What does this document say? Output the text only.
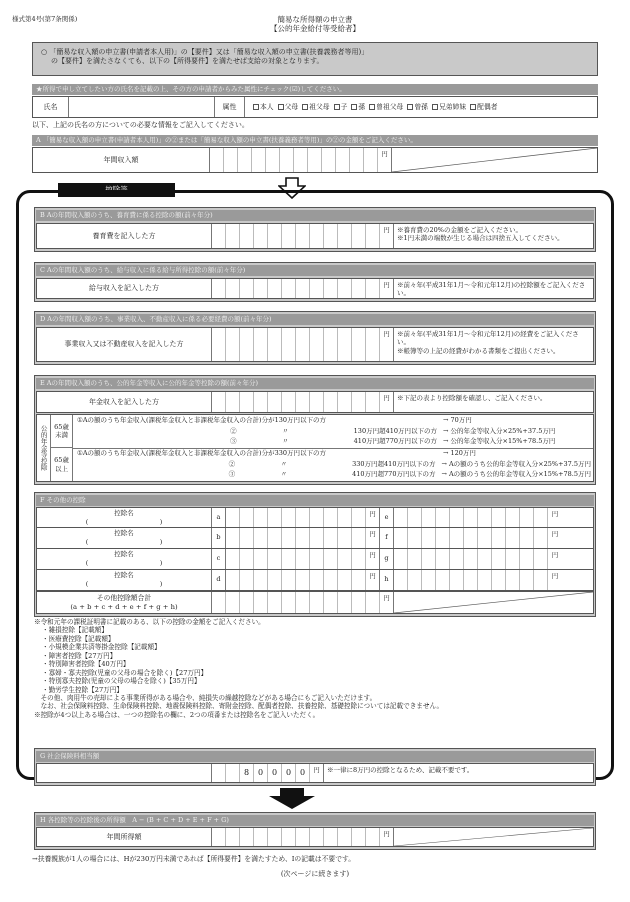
様式第4号(第7条関係)	簡易な所得額の申立書
【公的年金給付等受給者】
○ 「簡易な収入額の申立書(申請者本人用)」の【要件】又は「簡易な収入額の申立書(扶養義務者等用)」
の【要件】を満たさなくても、以下の【所得要件】を満たせば支給の対象となります。
★所得で申し立てしたい方の氏名を記載の上、その方の申請者からみた属性にチェック(☑)してください。
氏名	属性	本人	父母	祖父母	子	孫	曾祖父母	曾孫	兄弟姉妹	配偶者
以下、上記の氏名の方についての必要な情報をご記入してください。
A 「簡易な収入額の申立書(申請者本人用)」の②または「簡易な収入額の申立書(扶養義務者等用)」の②の金額をご記入ください。
年間収入額
円
控除等
B Aの年間収入額のうち、養育費に係る控除の額(前々年分)
養育費を記入した方
円	※養育費の20%の金額をご記入ください。
※1円未満の端数が生じる場合は四捨五入してください。
C Aの年間収入額のうち、給与収入に係る給与所得控除の額(前々年分)
給与収入を記入した方	円	※前々年(平成31年1月～令和元年12月)の控除額をご記入ください。
D Aの年間収入額のうち、事業収入、不動産収入に係る必要経費の額(前々年分)
事業収入又は不動産収入を記入した方
円	※前々年(平成31年1月～令和元年12月)の経費をご記入ください。
※帳簿等の上記の経費がわかる書類をご提出ください。
E Aの年間収入額のうち、公的年金等収入に公的年金等控除の額(前々年分)
年金収入を記入した方	円	※下記の表より控除額を確認し、ご記入ください。
公的年金等控除	65歳未満
65歳以上
①Aの額のうち年金収入(課税年金収入と非課税年金収入の合計)分が130万円以下の方	→ 70万円
②　　　　　　　〃　　　　　　　　　　130万円超410万円以下の方 → 公的年金等収入分×25%+37.5万円
③　　　　　　　〃　　　　　　　　　　410万円超770万円以下の方 → 公的年金等収入分×15%+78.5万円
①Aの額のうち年金収入(課税年金収入と非課税年金収入の合計)分が330万円以下の方	→ 120万円
②　　　　　　　〃　　　　　　　　　　330万円超410万円以下の方 → Aの額のうち公的年金等収入分×25%+37.5万円
③　　　　　　　〃　　　　　　　　　　410万円超770万円以下の方 → Aの額のうち公的年金等収入分×15%+78.5万円
F その他の控除
控除名
(　　　　　　　　　　　)
a	円	e	円
控除名
(　　　　　　　　　　　)
b	円	f	円
控除名
(　　　　　　　　　　　)
c	円	g	円
控除名
(　　　　　　　　　　　)
d	円	h	円
その他控除額合計
(a + b + c + d + e + f + g + h)
円
※令和元年の課税証明書に記載のある、以下の控除の金額をご記入ください。
・雑損控除【記載額】
・医療費控除【記載額】
・小規模企業共済等掛金控除【記載額】
・障害者控除【27万円】
・特別障害者控除【40万円】
・寡婦・寡夫控除(児童の父母の場合を除く)【27万円】
・特別寡夫控除(児童の父母の場合を除く)【35万円】
・勤労学生控除【27万円】
　その他、肉用牛の売却による事業所得がある場合や、純損失の繰越控除などがある場合にもご記入いただけます。
　なお、社会保険料控除、生命保険料控除、地震保険料控除、寄附金控除、配偶者控除、扶養控除、基礎控除については記載できません。
※控除が4つ以上ある場合は、一つの控除名の欄に、2つの項番または控除名をご記入いただく。
G 社会保険料相当額
8	0	0	0	0	円	※一律に8万円の控除となるため、記載不要です。
H 各控除等の控除後の所得額　A − (B + C + D + E + F + G)
年間所得額	円
→扶養親族が1人の場合には、Hが230万円未満であれば【所得要件】を満たすため、Iの記載は不要です。
(次ページに続きます)
